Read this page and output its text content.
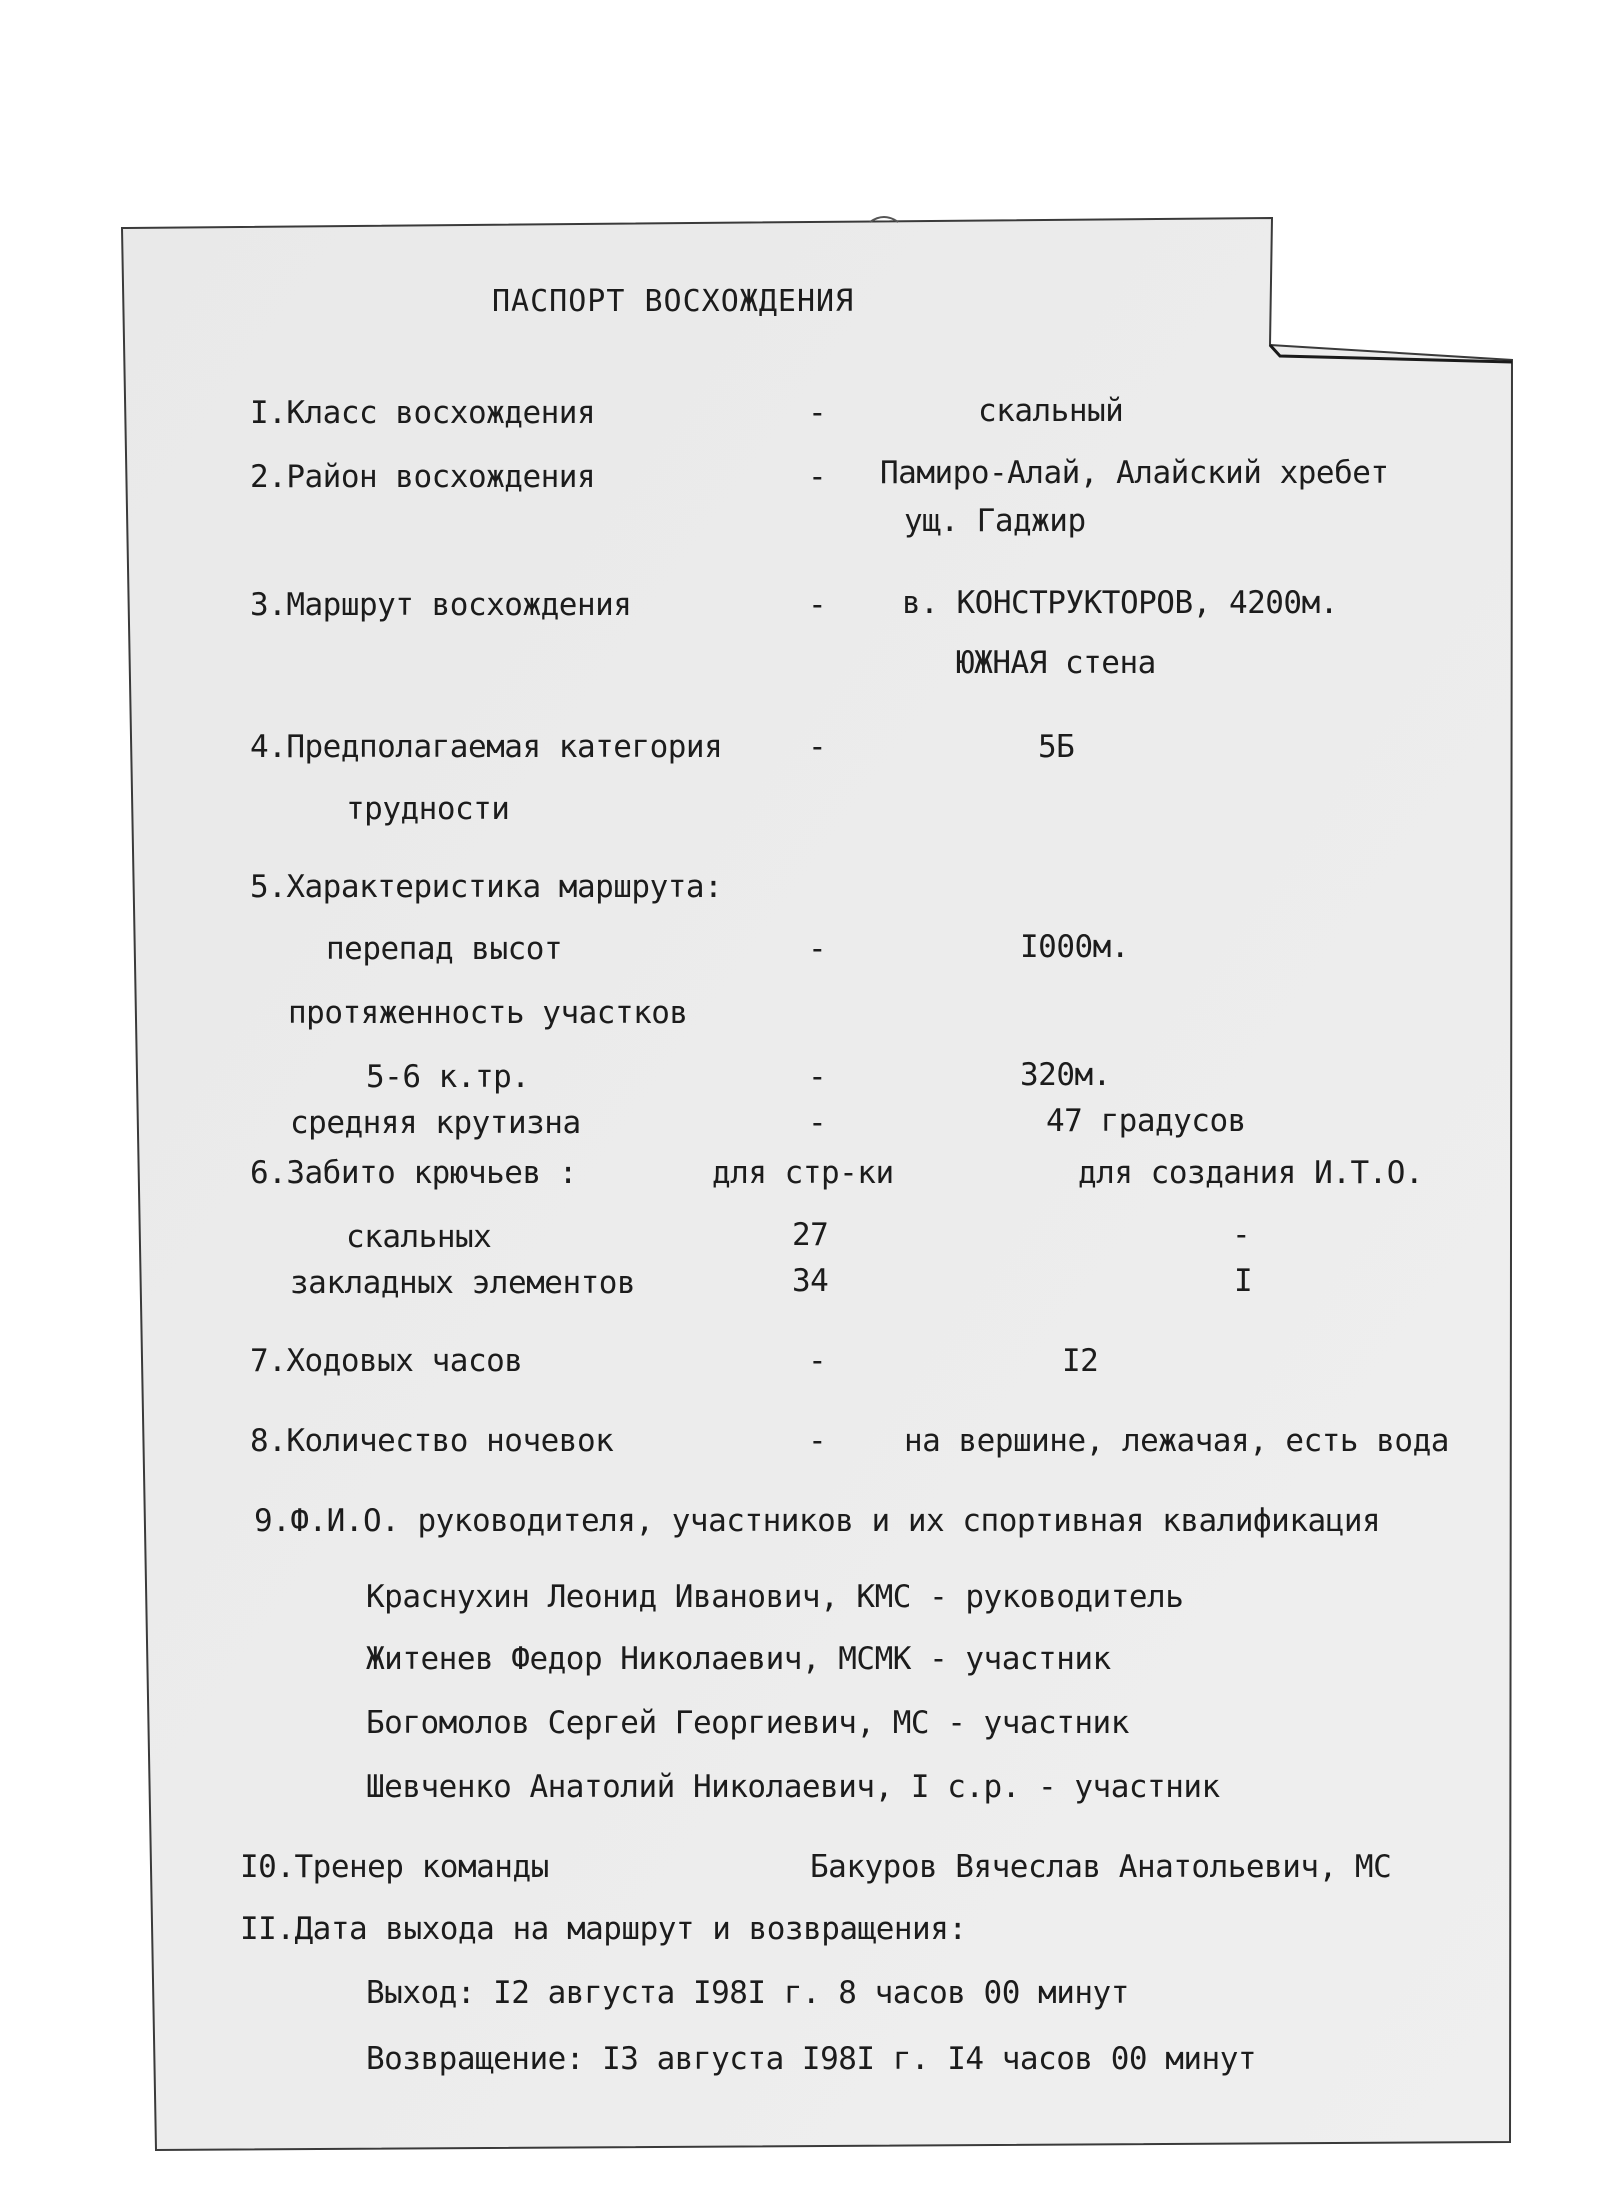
ПАСПОРТ ВОСХОЖДЕНИЯ
I.Класс восхождения	-	скальный
2.Район восхождения	- Памиро-Алай, Алайский хребет
ущ. Гаджир
3.Маршрут восхождения	- в. КОНСТРУКТОРОВ, 4200м.
ЮЖНАЯ стена
4.Предполагаемая категория	-	5Б
трудности
5.Характеристика маршрута:
перепад высот	-	I000м.
протяженность участков
5-6 к.тр.	-	320м.
средняя крутизна	-	47 градусов
6.Забито крючьев :	для стр-ки	для создания И.Т.О.
скальных	27	-
закладных элементов	34	I
7.Ходовых часов	-	I2
8.Количество ночевок	-	на вершине, лежачая, есть вода
9.Ф.И.О. руководителя, участников и их спортивная квалификация
Краснухин Леонид Иванович, КМС - руководитель
Житенев Федор Николаевич, МСМК - участник
Богомолов Сергей Георгиевич, МС - участник
Шевченко Анатолий Николаевич, I с.р. - участник
I0.Тренер команды	Бакуров Вячеслав Анатольевич, МС
II.Дата выхода на маршрут и возвращения:
Выход: I2 августа I98I г. 8 часов 00 минут
Возвращение: I3 августа I98I г. I4 часов 00 минут
